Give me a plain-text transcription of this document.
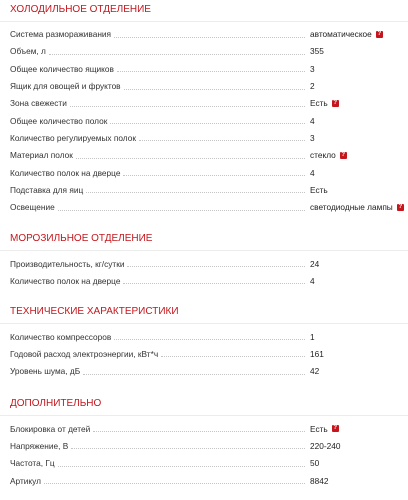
ХОЛОДИЛЬНОЕ ОТДЕЛЕНИЕ
Система размораживания	автоматическое ?
Объем, л	355
Общее количество ящиков	3
Ящик для овощей и фруктов	2
Зона свежести	Есть ?
Общее количество полок	4
Количество регулируемых полок	3
Материал полок	стекло ?
Количество полок на дверце	4
Подставка для яиц	Есть
Освещение	светодиодные лампы ?
МОРОЗИЛЬНОЕ ОТДЕЛЕНИЕ
Производительность, кг/сутки	24
Количество полок на дверце	4
ТЕХНИЧЕСКИЕ ХАРАКТЕРИСТИКИ
Количество компрессоров	1
Годовой расход электроэнергии, кВт*ч	161
Уровень шума, дБ	42
ДОПОЛНИТЕЛЬНО
Блокировка от детей	Есть ?
Напряжение, В	220-240
Частота, Гц	50
Артикул	8842
